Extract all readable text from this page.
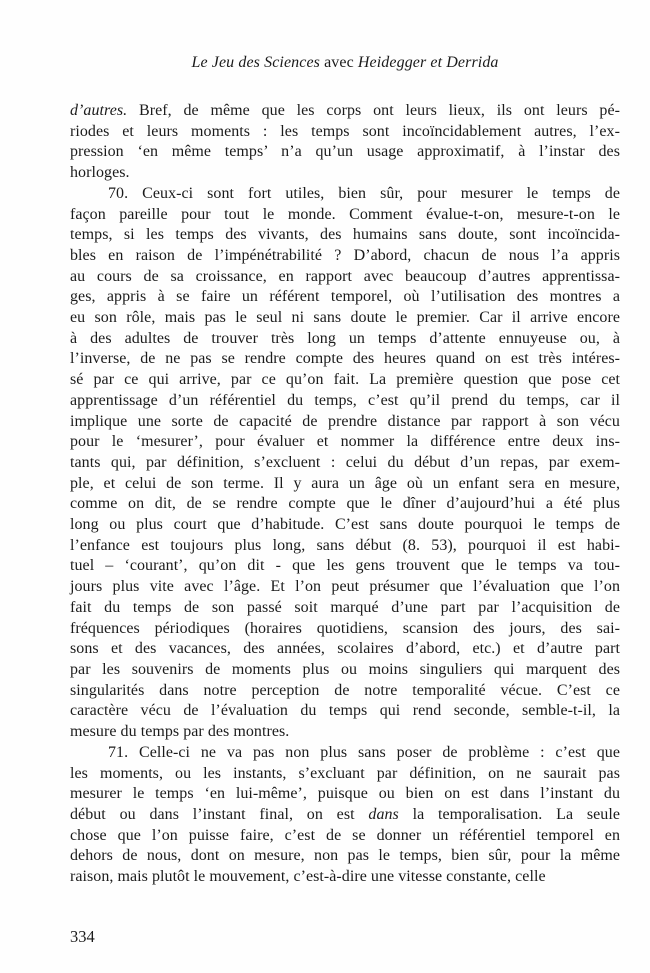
Le Jeu des Sciences avec Heidegger et Derrida
d’autres. Bref, de même que les corps ont leurs lieux, ils ont leurs pé-
riodes et leurs moments : les temps sont incoïncidablement autres, l’ex-
pression ‘en même temps’ n’a qu’un usage approximatif, à l’instar des
horloges.
70. Ceux-ci sont fort utiles, bien sûr, pour mesurer le temps de
façon pareille pour tout le monde. Comment évalue-t-on, mesure-t-on le
temps, si les temps des vivants, des humains sans doute, sont incoïncida-
bles en raison de l’impénétrabilité ? D’abord, chacun de nous l’a appris
au cours de sa croissance, en rapport avec beaucoup d’autres apprentissa-
ges, appris à se faire un référent temporel, où l’utilisation des montres a
eu son rôle, mais pas le seul ni sans doute le premier. Car il arrive encore
à des adultes de trouver très long un temps d’attente ennuyeuse ou, à
l’inverse, de ne pas se rendre compte des heures quand on est très intéres-
sé par ce qui arrive, par ce qu’on fait. La première question que pose cet
apprentissage d’un référentiel du temps, c’est qu’il prend du temps, car il
implique une sorte de capacité de prendre distance par rapport à son vécu
pour le ‘mesurer’, pour évaluer et nommer la différence entre deux ins-
tants qui, par définition, s’excluent : celui du début d’un repas, par exem-
ple, et celui de son terme. Il y aura un âge où un enfant sera en mesure,
comme on dit, de se rendre compte que le dîner d’aujourd’hui a été plus
long ou plus court que d’habitude. C’est sans doute pourquoi le temps de
l’enfance est toujours plus long, sans début (8. 53), pourquoi il est habi-
tuel – ‘courant’, qu’on dit - que les gens trouvent que le temps va tou-
jours plus vite avec l’âge. Et l’on peut présumer que l’évaluation que l’on
fait du temps de son passé soit marqué d’une part par l’acquisition de
fréquences périodiques (horaires quotidiens, scansion des jours, des sai-
sons et des vacances, des années, scolaires d’abord, etc.) et d’autre part
par les souvenirs de moments plus ou moins singuliers qui marquent des
singularités dans notre perception de notre temporalité vécue. C’est ce
caractère vécu de l’évaluation du temps qui rend seconde, semble-t-il, la
mesure du temps par des montres.
71. Celle-ci ne va pas non plus sans poser de problème : c’est que
les moments, ou les instants, s’excluant par définition, on ne saurait pas
mesurer le temps ‘en lui-même’, puisque ou bien on est dans l’instant du
début ou dans l’instant final, on est dans la temporalisation. La seule
chose que l’on puisse faire, c’est de se donner un référentiel temporel en
dehors de nous, dont on mesure, non pas le temps, bien sûr, pour la même
raison, mais plutôt le mouvement, c’est-à-dire une vitesse constante, celle
334
